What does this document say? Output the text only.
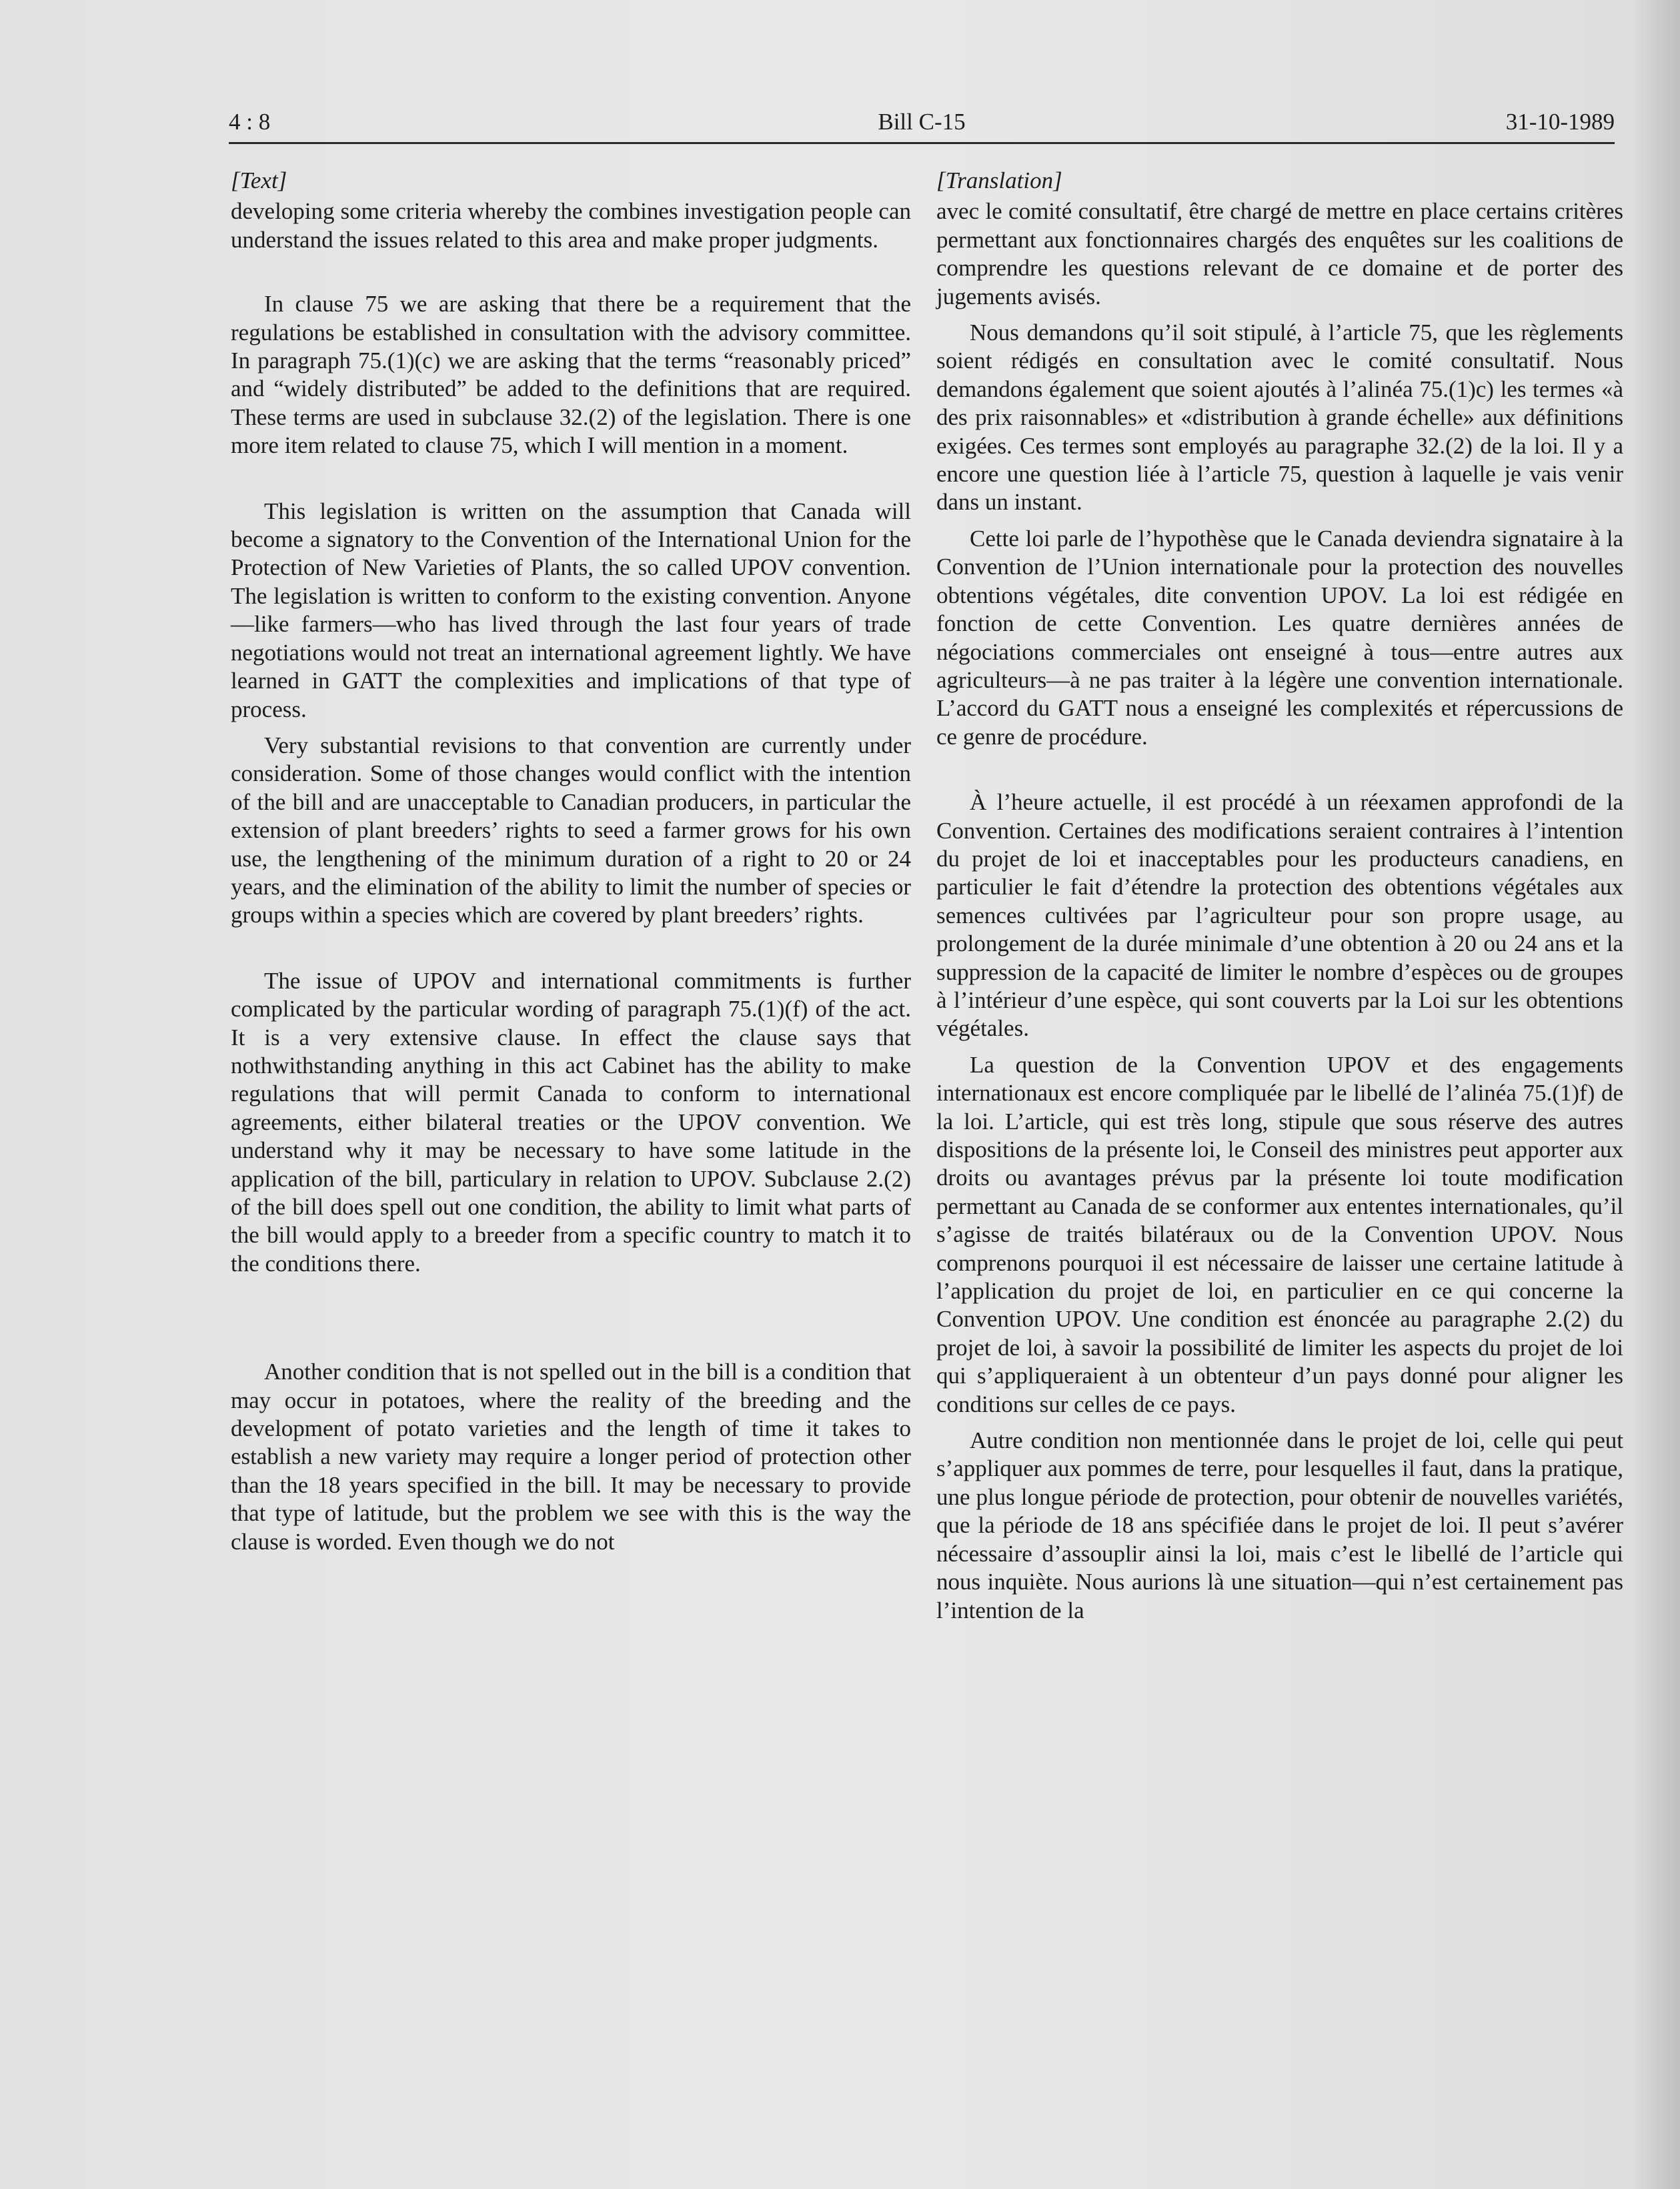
Bill C-15
4 : 8	31-10-1989
[Text]

developing some criteria whereby the combines investigation people can understand the issues related to this area and make proper judgments.

In clause 75 we are asking that there be a requirement that the regulations be established in consultation with the advisory committee. In paragraph 75.(1)(c) we are asking that the terms “reasonably priced” and “widely distributed” be added to the definitions that are required. These terms are used in subclause 32.(2) of the legislation. There is one more item related to clause 75, which I will mention in a moment.

This legislation is written on the assumption that Canada will become a signatory to the Convention of the International Union for the Protection of New Varieties of Plants, the so called UPOV convention. The legislation is written to conform to the existing convention. Anyone—like farmers—who has lived through the last four years of trade negotiations would not treat an international agreement lightly. We have learned in GATT the complexities and implications of that type of process.

Very substantial revisions to that convention are currently under consideration. Some of those changes would conflict with the intention of the bill and are unacceptable to Canadian producers, in particular the extension of plant breeders’ rights to seed a farmer grows for his own use, the lengthening of the minimum duration of a right to 20 or 24 years, and the elimination of the ability to limit the number of species or groups within a species which are covered by plant breeders’ rights.

The issue of UPOV and international commitments is further complicated by the particular wording of paragraph 75.(1)(f) of the act. It is a very extensive clause. In effect the clause says that nothwithstanding anything in this act Cabinet has the ability to make regulations that will permit Canada to conform to international agreements, either bilateral treaties or the UPOV convention. We understand why it may be necessary to have some latitude in the application of the bill, particulary in relation to UPOV. Subclause 2.(2) of the bill does spell out one condition, the ability to limit what parts of the bill would apply to a breeder from a specific country to match it to the conditions there.

Another condition that is not spelled out in the bill is a condition that may occur in potatoes, where the reality of the breeding and the development of potato varieties and the length of time it takes to establish a new variety may require a longer period of protection other than the 18 years specified in the bill. It may be necessary to provide that type of latitude, but the problem we see with this is the way the clause is worded. Even though we do not

[Translation]

avec le comité consultatif, être chargé de mettre en place certains critères permettant aux fonctionnaires chargés des enquêtes sur les coalitions de comprendre les questions relevant de ce domaine et de porter des jugements avisés.

Nous demandons qu’il soit stipulé, à l’article 75, que les règlements soient rédigés en consultation avec le comité consultatif. Nous demandons également que soient ajoutés à l’alinéa 75.(1)c) les termes «à des prix raisonnables» et «distribution à grande échelle» aux définitions exigées. Ces termes sont employés au paragraphe 32.(2) de la loi. Il y a encore une question liée à l’article 75, question à laquelle je vais venir dans un instant.

Cette loi parle de l’hypothèse que le Canada deviendra signataire à la Convention de l’Union internationale pour la protection des nouvelles obtentions végétales, dite convention UPOV. La loi est rédigée en fonction de cette Convention. Les quatre dernières années de négociations commerciales ont enseigné à tous—entre autres aux agriculteurs—à ne pas traiter à la légère une convention internationale. L’accord du GATT nous a enseigné les complexités et répercussions de ce genre de procédure.

À l’heure actuelle, il est procédé à un réexamen approfondi de la Convention. Certaines des modifications seraient contraires à l’intention du projet de loi et inacceptables pour les producteurs canadiens, en particulier le fait d’étendre la protection des obtentions végétales aux semences cultivées par l’agriculteur pour son propre usage, au prolongement de la durée minimale d’une obtention à 20 ou 24 ans et la suppression de la capacité de limiter le nombre d’espèces ou de groupes à l’intérieur d’une espèce, qui sont couverts par la Loi sur les obtentions végétales.

La question de la Convention UPOV et des engagements internationaux est encore compliquée par le libellé de l’alinéa 75.(1)f) de la loi. L’article, qui est très long, stipule que sous réserve des autres dispositions de la présente loi, le Conseil des ministres peut apporter aux droits ou avantages prévus par la présente loi toute modification permettant au Canada de se conformer aux ententes internationales, qu’il s’agisse de traités bilatéraux ou de la Convention UPOV. Nous comprenons pourquoi il est nécessaire de laisser une certaine latitude à l’application du projet de loi, en particulier en ce qui concerne la Convention UPOV. Une condition est énoncée au paragraphe 2.(2) du projet de loi, à savoir la possibilité de limiter les aspects du projet de loi qui s’appliqueraient à un obtenteur d’un pays donné pour aligner les conditions sur celles de ce pays.

Autre condition non mentionnée dans le projet de loi, celle qui peut s’appliquer aux pommes de terre, pour lesquelles il faut, dans la pratique, une plus longue période de protection, pour obtenir de nouvelles variétés, que la période de 18 ans spécifiée dans le projet de loi. Il peut s’avérer nécessaire d’assouplir ainsi la loi, mais c’est le libellé de l’article qui nous inquiète. Nous aurions là une situation—qui n’est certainement pas l’intention de la
